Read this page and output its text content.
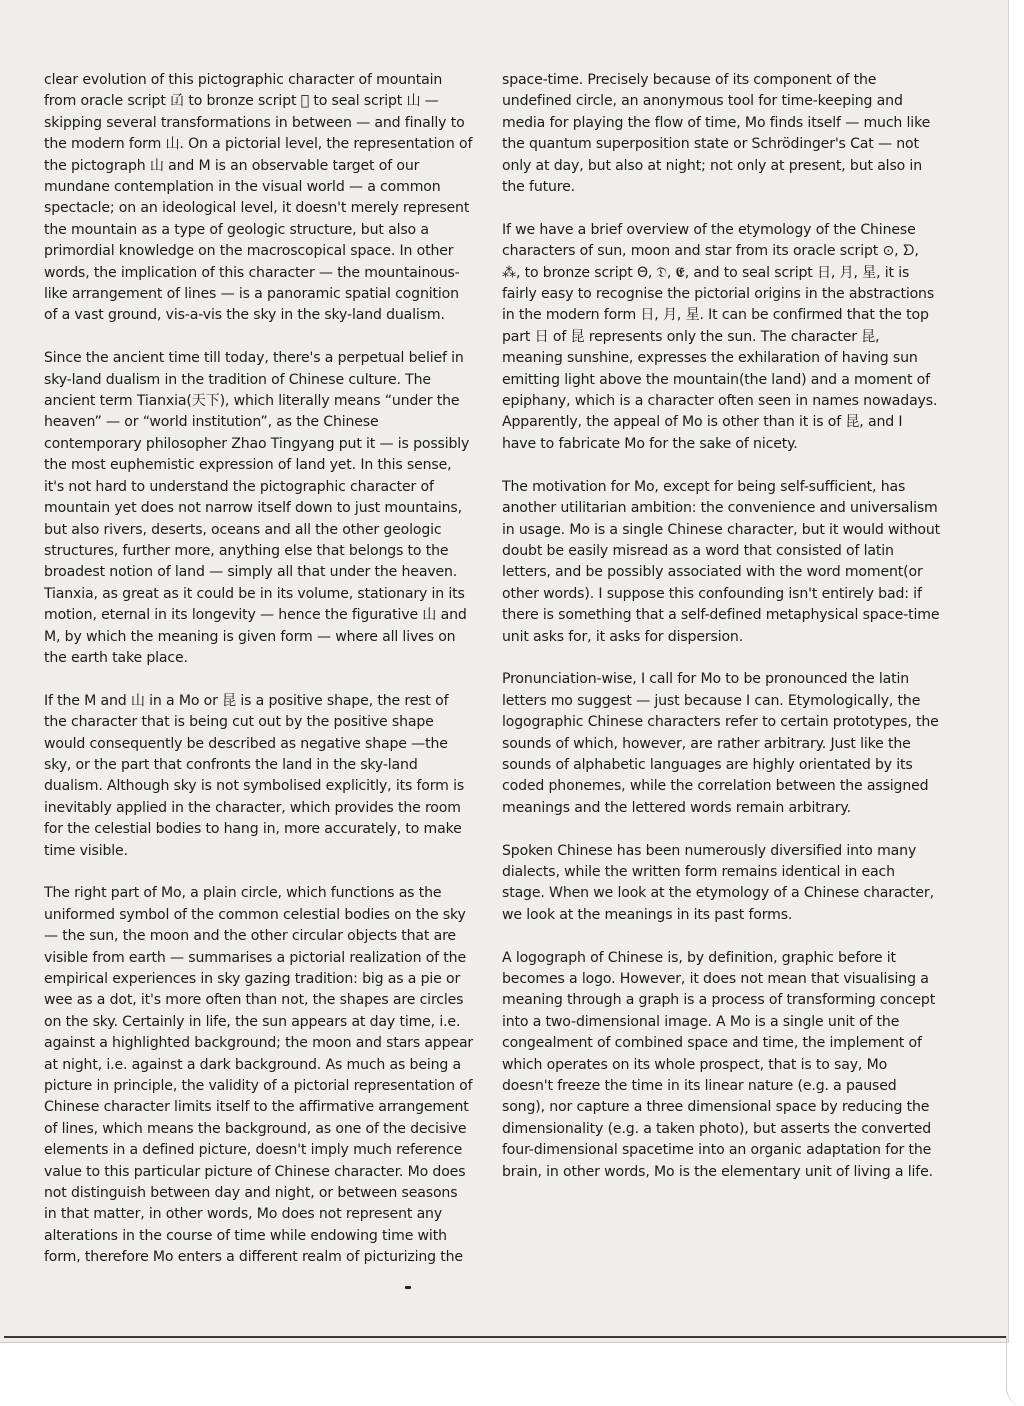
clear evolution of this pictographic character of mountain from oracle script 𠙶 to bronze script 𡴀 to seal script 山 — skipping several transformations in between — and finally to the modern form 山. On a pictorial level, the representation of the pictograph 山 and M is an observable target of our mundane contemplation in the visual world — a common spectacle; on an ideological level, it doesn't merely represent the mountain as a type of geologic structure, but also a primordial knowledge on the macroscopical space. In other words, the implication of this character — the mountainous-like arrangement of lines — is a panoramic spatial cognition of a vast ground, vis-a-vis the sky in the sky-land dualism.

Since the ancient time till today, there's a perpetual belief in sky-land dualism in the tradition of Chinese culture. The ancient term Tianxia(天下), which literally means “under the heaven” — or “world institution”, as the Chinese contemporary philosopher Zhao Tingyang put it — is possibly the most euphemistic expression of land yet. In this sense, it's not hard to understand the pictographic character of mountain yet does not narrow itself down to just mountains, but also rivers, deserts, oceans and all the other geologic structures, further more, anything else that belongs to the broadest notion of land — simply all that under the heaven. Tianxia, as great as it could be in its volume, stationary in its motion, eternal in its longevity — hence the figurative 山 and M, by which the meaning is given form — where all lives on the earth take place.

If the M and 山 in a Mo or 昆 is a positive shape, the rest of the character that is being cut out by the positive shape would consequently be described as negative shape —the sky, or the part that confronts the land in the sky-land dualism. Although sky is not symbolised explicitly, its form is inevitably applied in the character, which provides the room for the celestial bodies to hang in, more accurately, to make time visible.

The right part of Mo, a plain circle, which functions as the uniformed symbol of the common celestial bodies on the sky — the sun, the moon and the other circular objects that are visible from earth — summarises a pictorial realization of the empirical experiences in sky gazing tradition: big as a pie or wee as a dot, it's more often than not, the shapes are circles on the sky. Certainly in life, the sun appears at day time, i.e. against a highlighted background; the moon and stars appear at night, i.e. against a dark background. As much as being a picture in principle, the validity of a pictorial representation of Chinese character limits itself to the affirmative arrangement of lines, which means the background, as one of the decisive elements in a defined picture, doesn't imply much reference value to this particular picture of Chinese character. Mo does not distinguish between day and night, or between seasons in that matter, in other words, Mo does not represent any alterations in the course of time while endowing time with form, therefore Mo enters a different realm of picturizing the

space-time. Precisely because of its component of the undefined circle, an anonymous tool for time-keeping and media for playing the flow of time, Mo finds itself — much like the quantum superposition state or Schrödinger's Cat — not only at day, but also at night; not only at present, but also in the future.

If we have a brief overview of the etymology of the Chinese characters of sun, moon and star from its oracle script ⊙, ᗤ, ⁂, to bronze script Θ, 𝔇, 𝕰, and to seal script 日, 月, 星, it is fairly easy to recognise the pictorial origins in the abstractions in the modern form 日, 月, 星. It can be confirmed that the top part 日 of 昆 represents only the sun. The character 昆, meaning sunshine, expresses the exhilaration of having sun emitting light above the mountain(the land) and a moment of epiphany, which is a character often seen in names nowadays. Apparently, the appeal of Mo is other than it is of 昆, and I have to fabricate Mo for the sake of nicety.

The motivation for Mo, except for being self-sufficient, has another utilitarian ambition: the convenience and universalism in usage. Mo is a single Chinese character, but it would without doubt be easily misread as a word that consisted of latin letters, and be possibly associated with the word moment(or other words). I suppose this confounding isn't entirely bad: if there is something that a self-defined metaphysical space-time unit asks for, it asks for dispersion.

Pronunciation-wise, I call for Mo to be pronounced the latin letters mo suggest — just because I can. Etymologically, the logographic Chinese characters refer to certain prototypes, the sounds of which, however, are rather arbitrary. Just like the sounds of alphabetic languages are highly orientated by its coded phonemes, while the correlation between the assigned meanings and the lettered words remain arbitrary.

Spoken Chinese has been numerously diversified into many dialects, while the written form remains identical in each stage. When we look at the etymology of a Chinese character, we look at the meanings in its past forms.

A logograph of Chinese is, by definition, graphic before it becomes a logo. However, it does not mean that visualising a meaning through a graph is a process of transforming concept into a two-dimensional image. A Mo is a single unit of the congealment of combined space and time, the implement of which operates on its whole prospect, that is to say, Mo doesn't freeze the time in its linear nature (e.g. a paused song), nor capture a three dimensional space by reducing the dimensionality (e.g. a taken photo), but asserts the converted four-dimensional spacetime into an organic adaptation for the brain, in other words, Mo is the elementary unit of living a life.
